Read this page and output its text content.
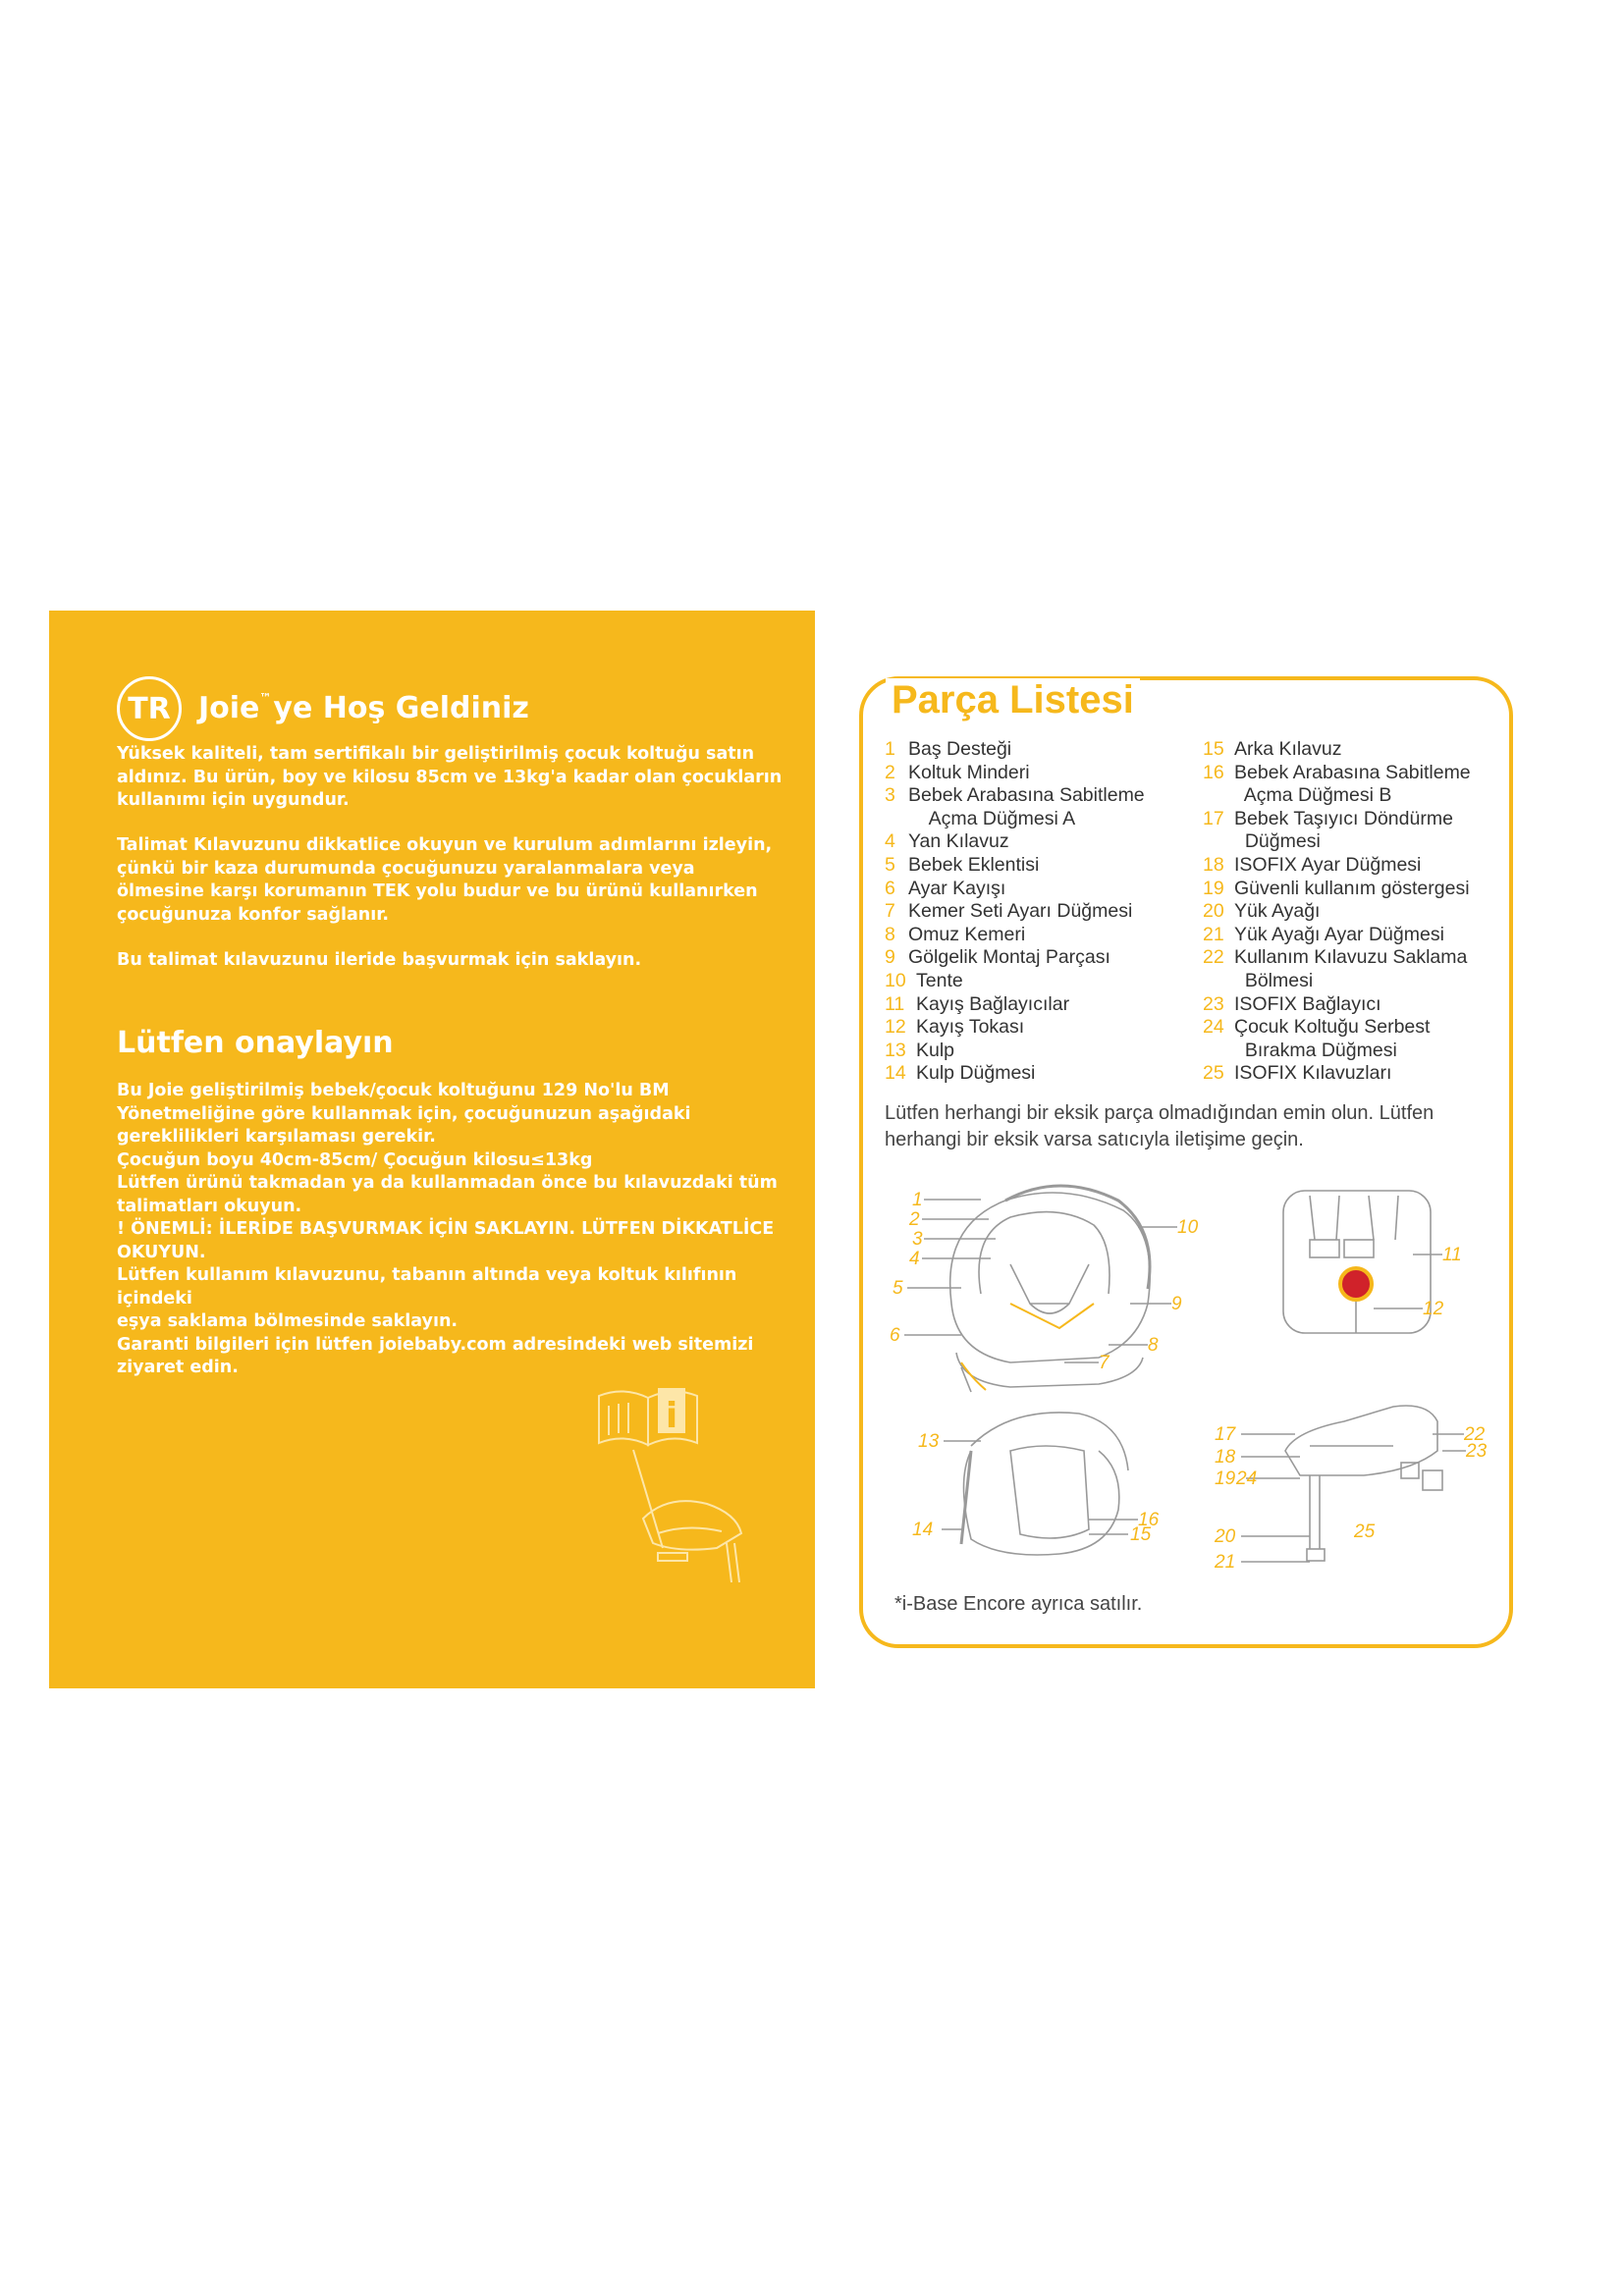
TR Joie™ye Hoş Geldiniz

Yüksek kaliteli, tam sertifikalı bir geliştirilmiş çocuk koltuğu satın aldınız. Bu ürün, boy ve kilosu 85cm ve 13kg'a kadar olan çocukların kullanımı için uygundur.

Talimat Kılavuzunu dikkatlice okuyun ve kurulum adımlarını izleyin, çünkü bir kaza durumunda çocuğunuzu yaralanmalara veya ölmesine karşı korumanın TEK yolu budur ve bu ürünü kullanırken çocuğunuza konfor sağlanır.

Bu talimat kılavuzunu ileride başvurmak için saklayın.

Lütfen onaylayın
Bu Joie geliştirilmiş bebek/çocuk koltuğunu 129 No'lu BM
Yönetmeliğine göre kullanmak için, çocuğunuzun aşağıdaki
gereklilikleri karşılaması gerekir.
Çocuğun boyu 40cm-85cm/ Çocuğun kilosu≤13kg
Lütfen ürünü takmadan ya da kullanmadan önce bu kılavuzdaki tüm
talimatları okuyun.
! ÖNEMLİ: İLERİDE BAŞVURMAK İÇİN SAKLAYIN. LÜTFEN DİKKATLİCE
OKUYUN.
Lütfen kullanım kılavuzunu, tabanın altında veya koltuk kılıfının içindeki
eşya saklama bölmesinde saklayın.
Garanti bilgileri için lütfen joiebaby.com adresindeki web sitemizi
ziyaret edin.
i
Parça Listesi
1 Baş Desteği
2 Koltuk Minderi
3 Bebek Arabasına Sabitleme
Açma Düğmesi A
4 Yan Kılavuz
5 Bebek Eklentisi
6 Ayar Kayışı
7 Kemer Seti Ayarı Düğmesi
8 Omuz Kemeri
9 Gölgelik Montaj Parçası
10 Tente
11 Kayış Bağlayıcılar
12 Kayış Tokası
13 Kulp
14 Kulp Düğmesi
15 Arka Kılavuz
16 Bebek Arabasına Sabitleme
Açma Düğmesi B
17 Bebek Taşıyıcı Döndürme
Düğmesi
18 ISOFIX Ayar Düğmesi
19 Güvenli kullanım göstergesi
20 Yük Ayağı
21 Yük Ayağı Ayar Düğmesi
22 Kullanım Kılavuzu Saklama
Bölmesi
23 ISOFIX Bağlayıcı
24 Çocuk Koltuğu Serbest
Bırakma Düğmesi
25 ISOFIX Kılavuzları

Lütfen herhangi bir eksik parça olmadığından emin olun. Lütfen herhangi bir eksik varsa satıcıyla iletişime geçin.

1
2
3
4
5
6
7
8
9
10
11
12
13
14	15
16
17
18
19 24
20
21
22
23
25
*i-Base Encore ayrıca satılır.
